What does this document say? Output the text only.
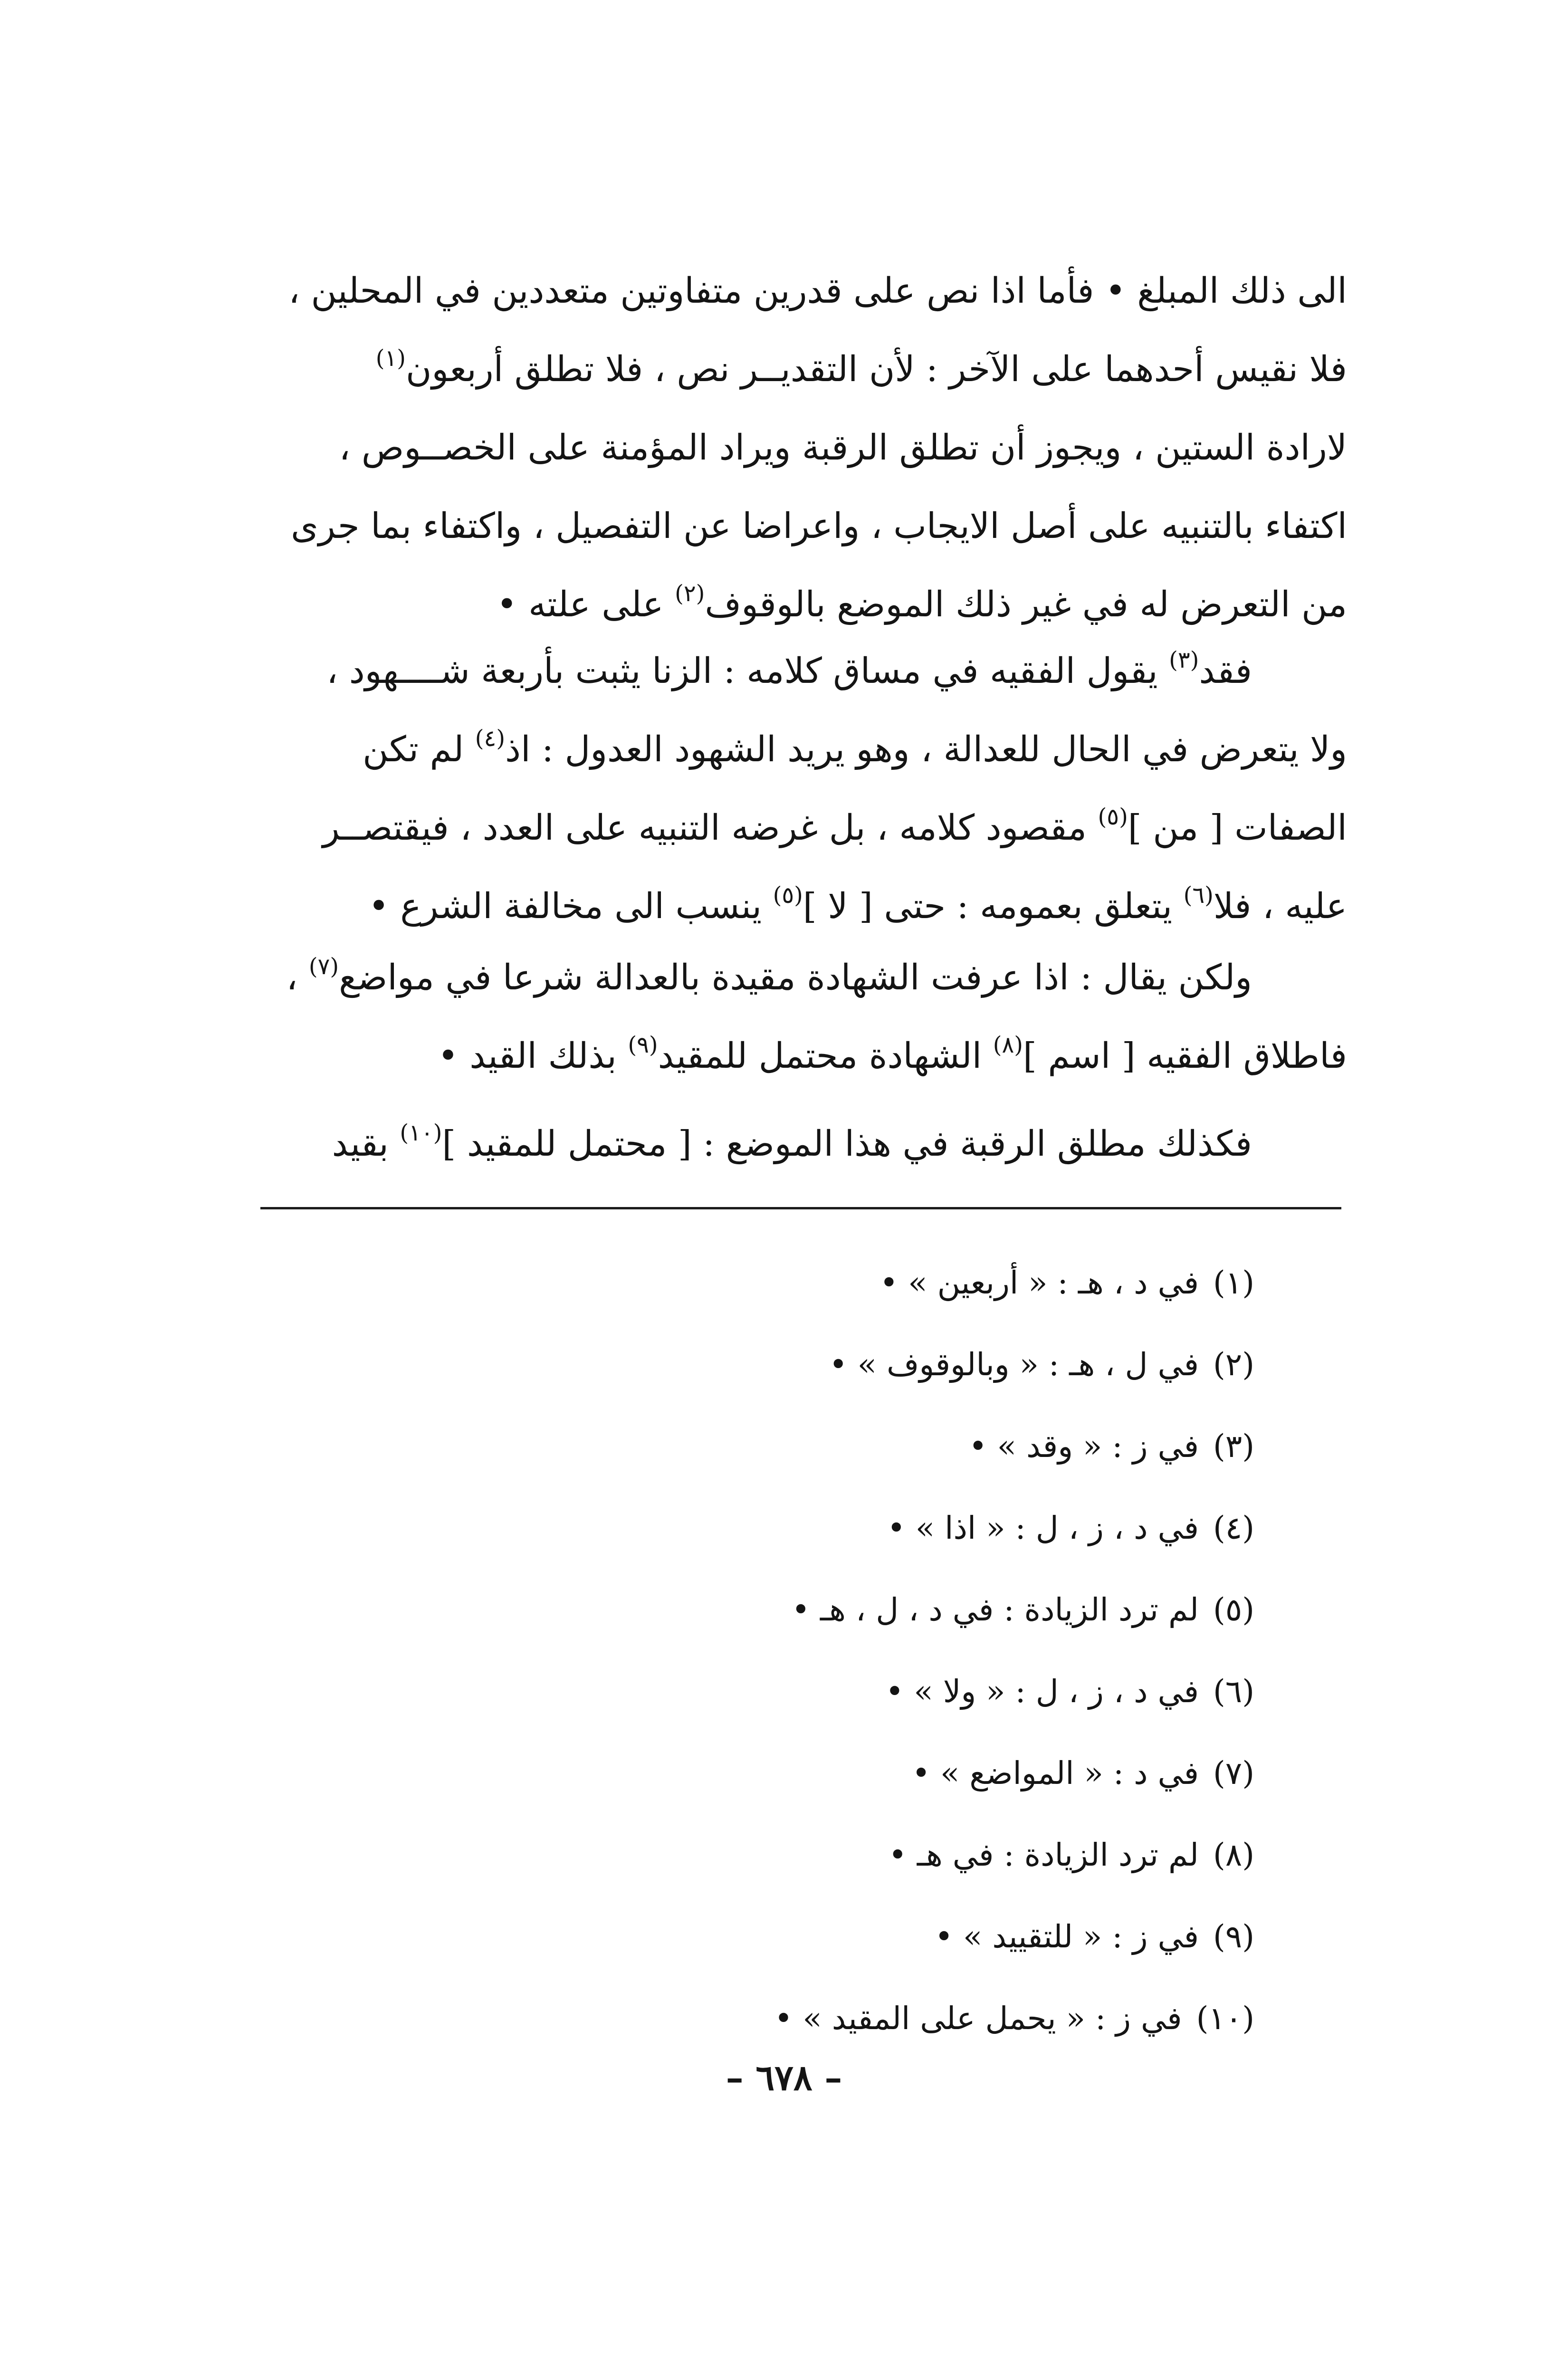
الى ذلك المبلغ • فأما اذا نص على قدرين متفاوتين متعددين في المحلين ،
فلا نقيس أحدهما على الآخر : لأن التقديــر نص ، فلا تطلق أربعون$^{(١)}$
لارادة الستين ، ويجوز أن تطلق الرقبة ويراد المؤمنة على الخصــوص ،
اكتفاء بالتنبيه على أصل الايجاب ، واعراضا عن التفصيل ، واكتفاء بما جرى
من التعرض له في غير ذلك الموضع بالوقوف$^{(٢)}$ على علته •

فقد$^{(٣)}$ يقول الفقيه في مساق كلامه : الزنا يثبت بأربعة شــــهود ،
ولا يتعرض في الحال للعدالة ، وهو يريد الشهود العدول : اذ$^{(٤)}$ لم تكن
الصفات [ من ]$^{(٥)}$ مقصود كلامه ، بل غرضه التنبيه على العدد ، فيقتصــر
عليه ، فلا$^{(٦)}$ يتعلق بعمومه : حتى [ لا ]$^{(٥)}$ ينسب الى مخالفة الشرع •

ولكن يقال : اذا عرفت الشهادة مقيدة بالعدالة شرعا في مواضع$^{(٧)}$ ،
فاطلاق الفقيه [ اسم ]$^{(٨)}$ الشهادة محتمل للمقيد$^{(٩)}$ بذلك القيد •

فكذلك مطلق الرقبة في هذا الموضع : [ محتمل للمقيد ]$^{(١٠)}$ بقيد

(١)في د ، هـ : « أربعين » •
(٢)في ل ، هـ : « وبالوقوف » •
(٣)في ز : « وقد » •
(٤)في د ، ز ، ل : « اذا » •
(٥)لم ترد الزيادة : في د ، ل ، هـ •
(٦)في د ، ز ، ل : « ولا » •
(٧)في د : « المواضع » •
(٨)لم ترد الزيادة : في هـ •
(٩)في ز : « للتقييد » •
(١٠)في ز : « يحمل على المقيد » •
– ٦٧٨ –
